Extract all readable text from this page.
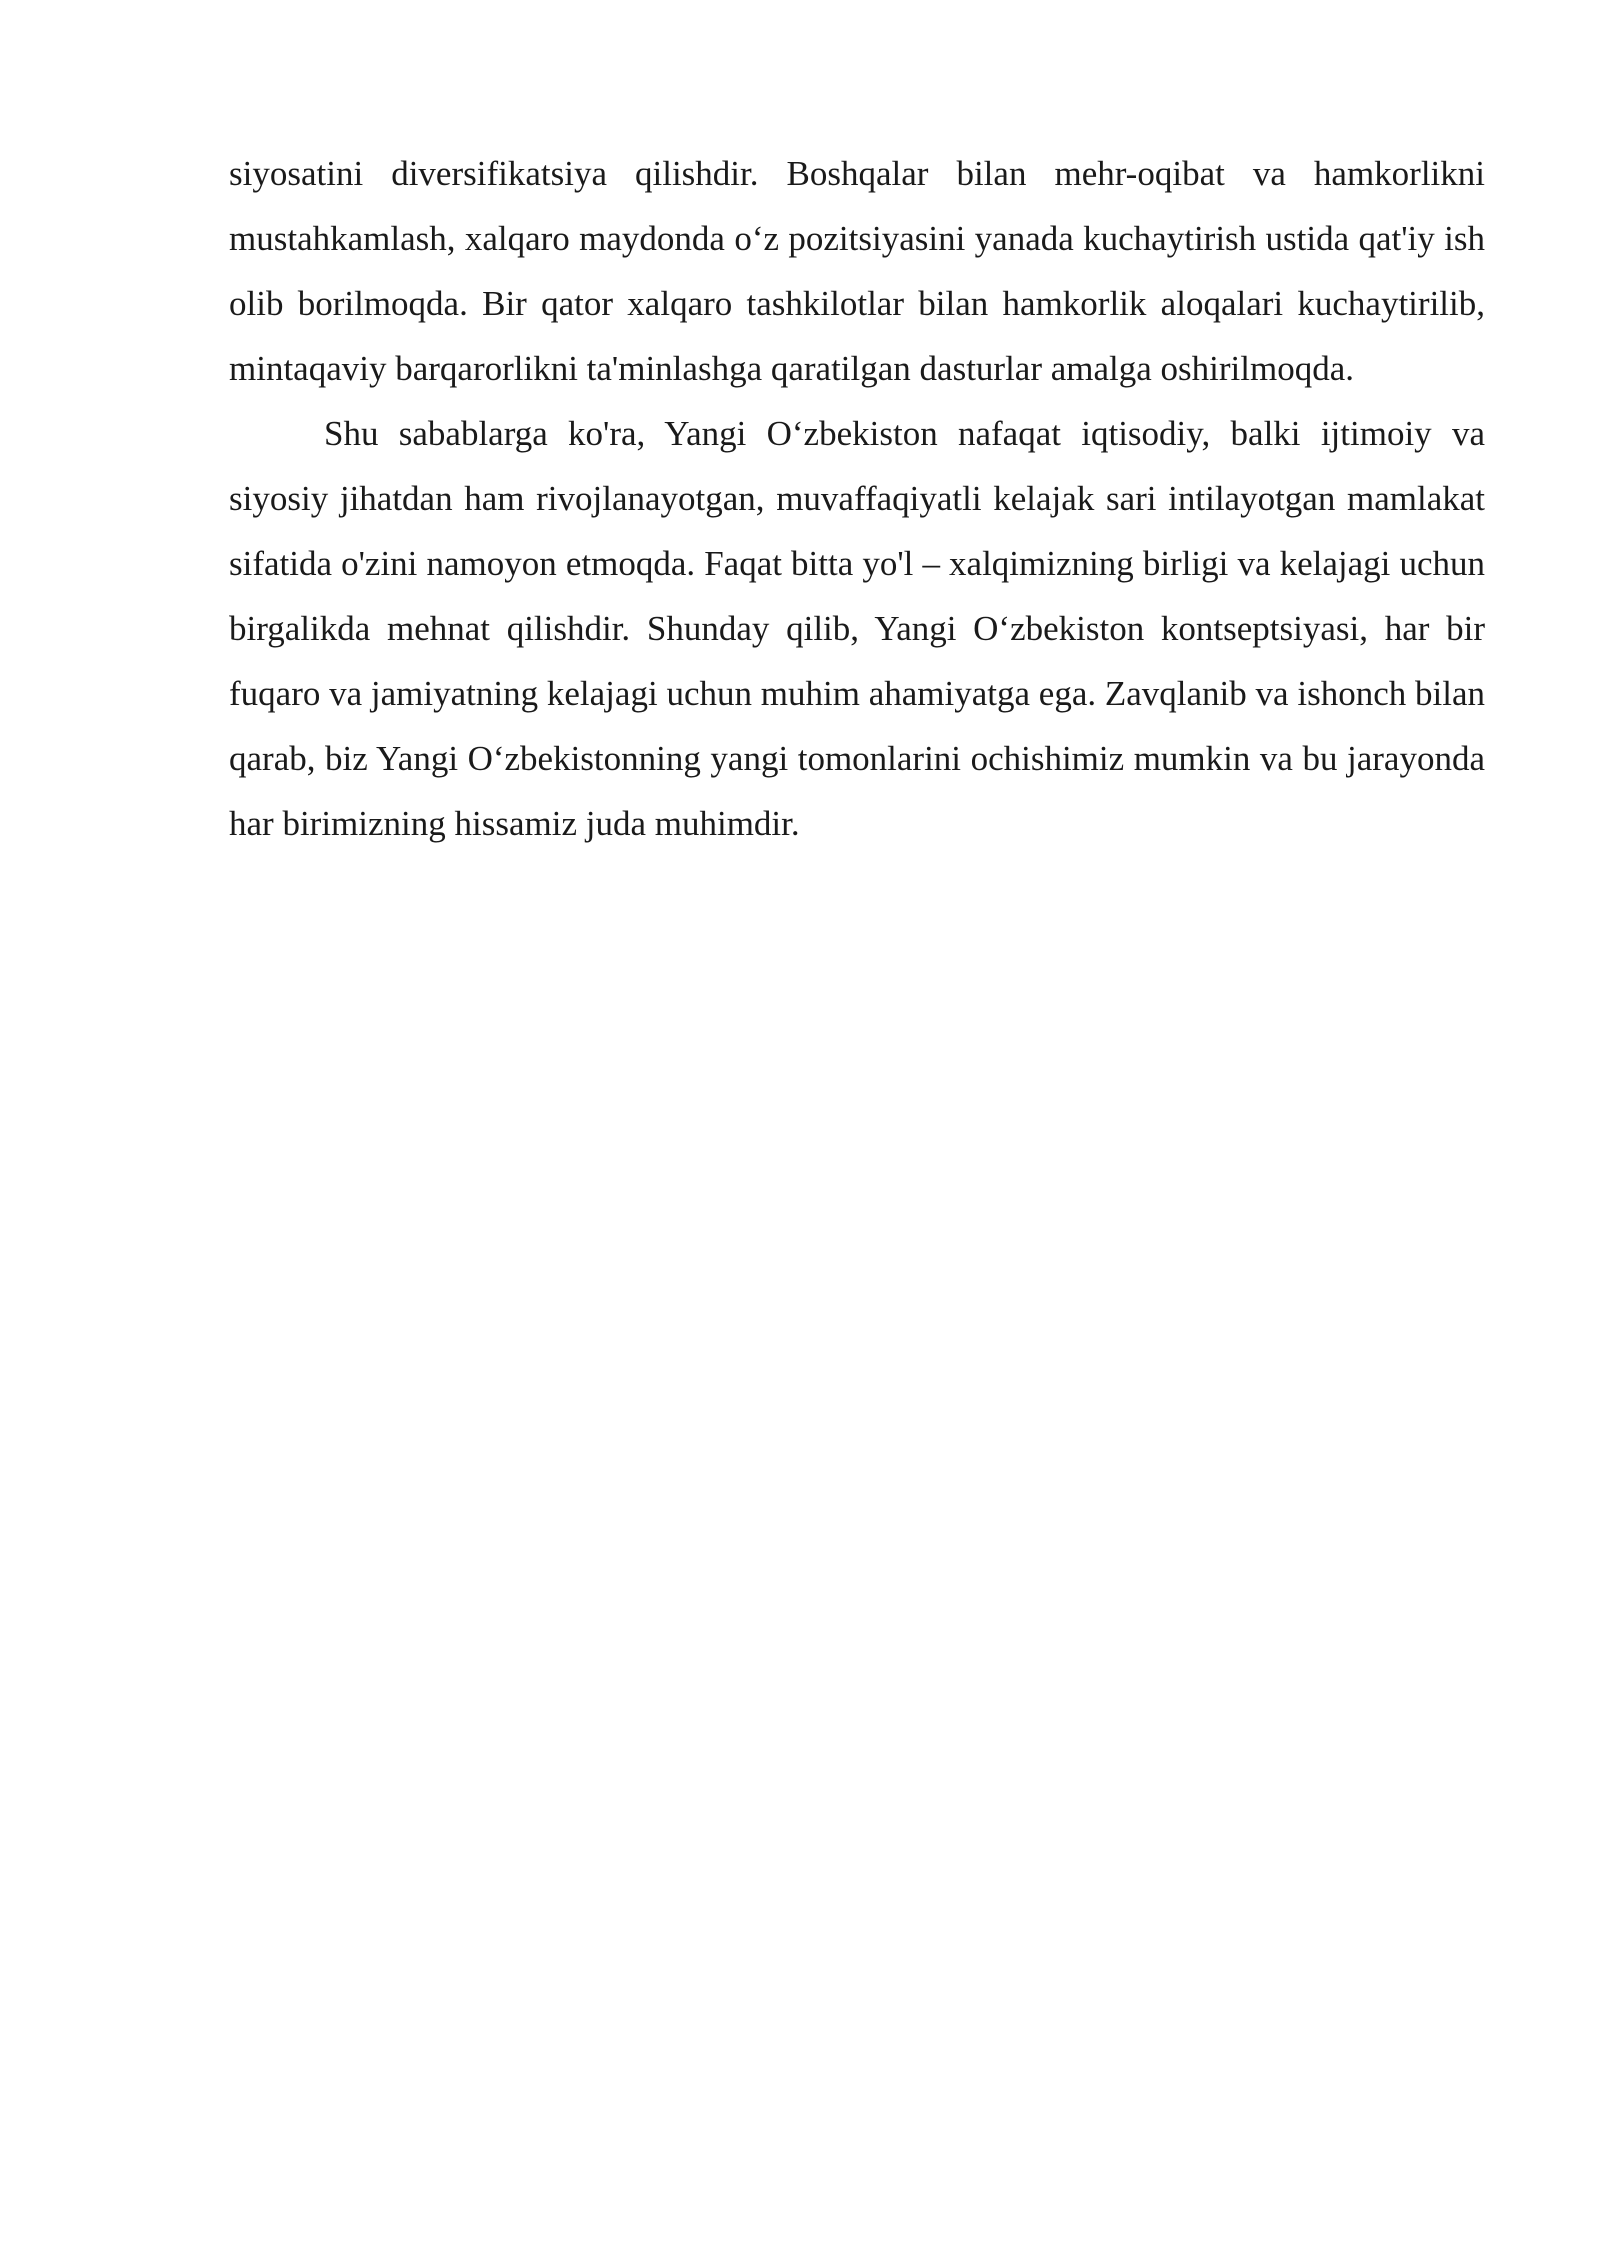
siyosatini diversifikatsiya qilishdir. Boshqalar bilan mehr-oqibat va hamkorlikni mustahkamlash, xalqaro maydonda o‘z pozitsiyasini yanada kuchaytirish ustida qat'iy ish olib borilmoqda. Bir qator xalqaro tashkilotlar bilan hamkorlik aloqalari kuchaytirilib, mintaqaviy barqarorlikni ta'minlashga qaratilgan dasturlar amalga oshirilmoqda.

Shu sabablarga ko'ra, Yangi O‘zbekiston nafaqat iqtisodiy, balki ijtimoiy va siyosiy jihatdan ham rivojlanayotgan, muvaffaqiyatli kelajak sari intilayotgan mamlakat sifatida o'zini namoyon etmoqda. Faqat bitta yo'l – xalqimizning birligi va kelajagi uchun birgalikda mehnat qilishdir. Shunday qilib, Yangi O‘zbekiston kontseptsiyasi, har bir fuqaro va jamiyatning kelajagi uchun muhim ahamiyatga ega. Zavqlanib va ishonch bilan qarab, biz Yangi O‘zbekistonning yangi tomonlarini ochishimiz mumkin va bu jarayonda har birimizning hissamiz juda muhimdir.
